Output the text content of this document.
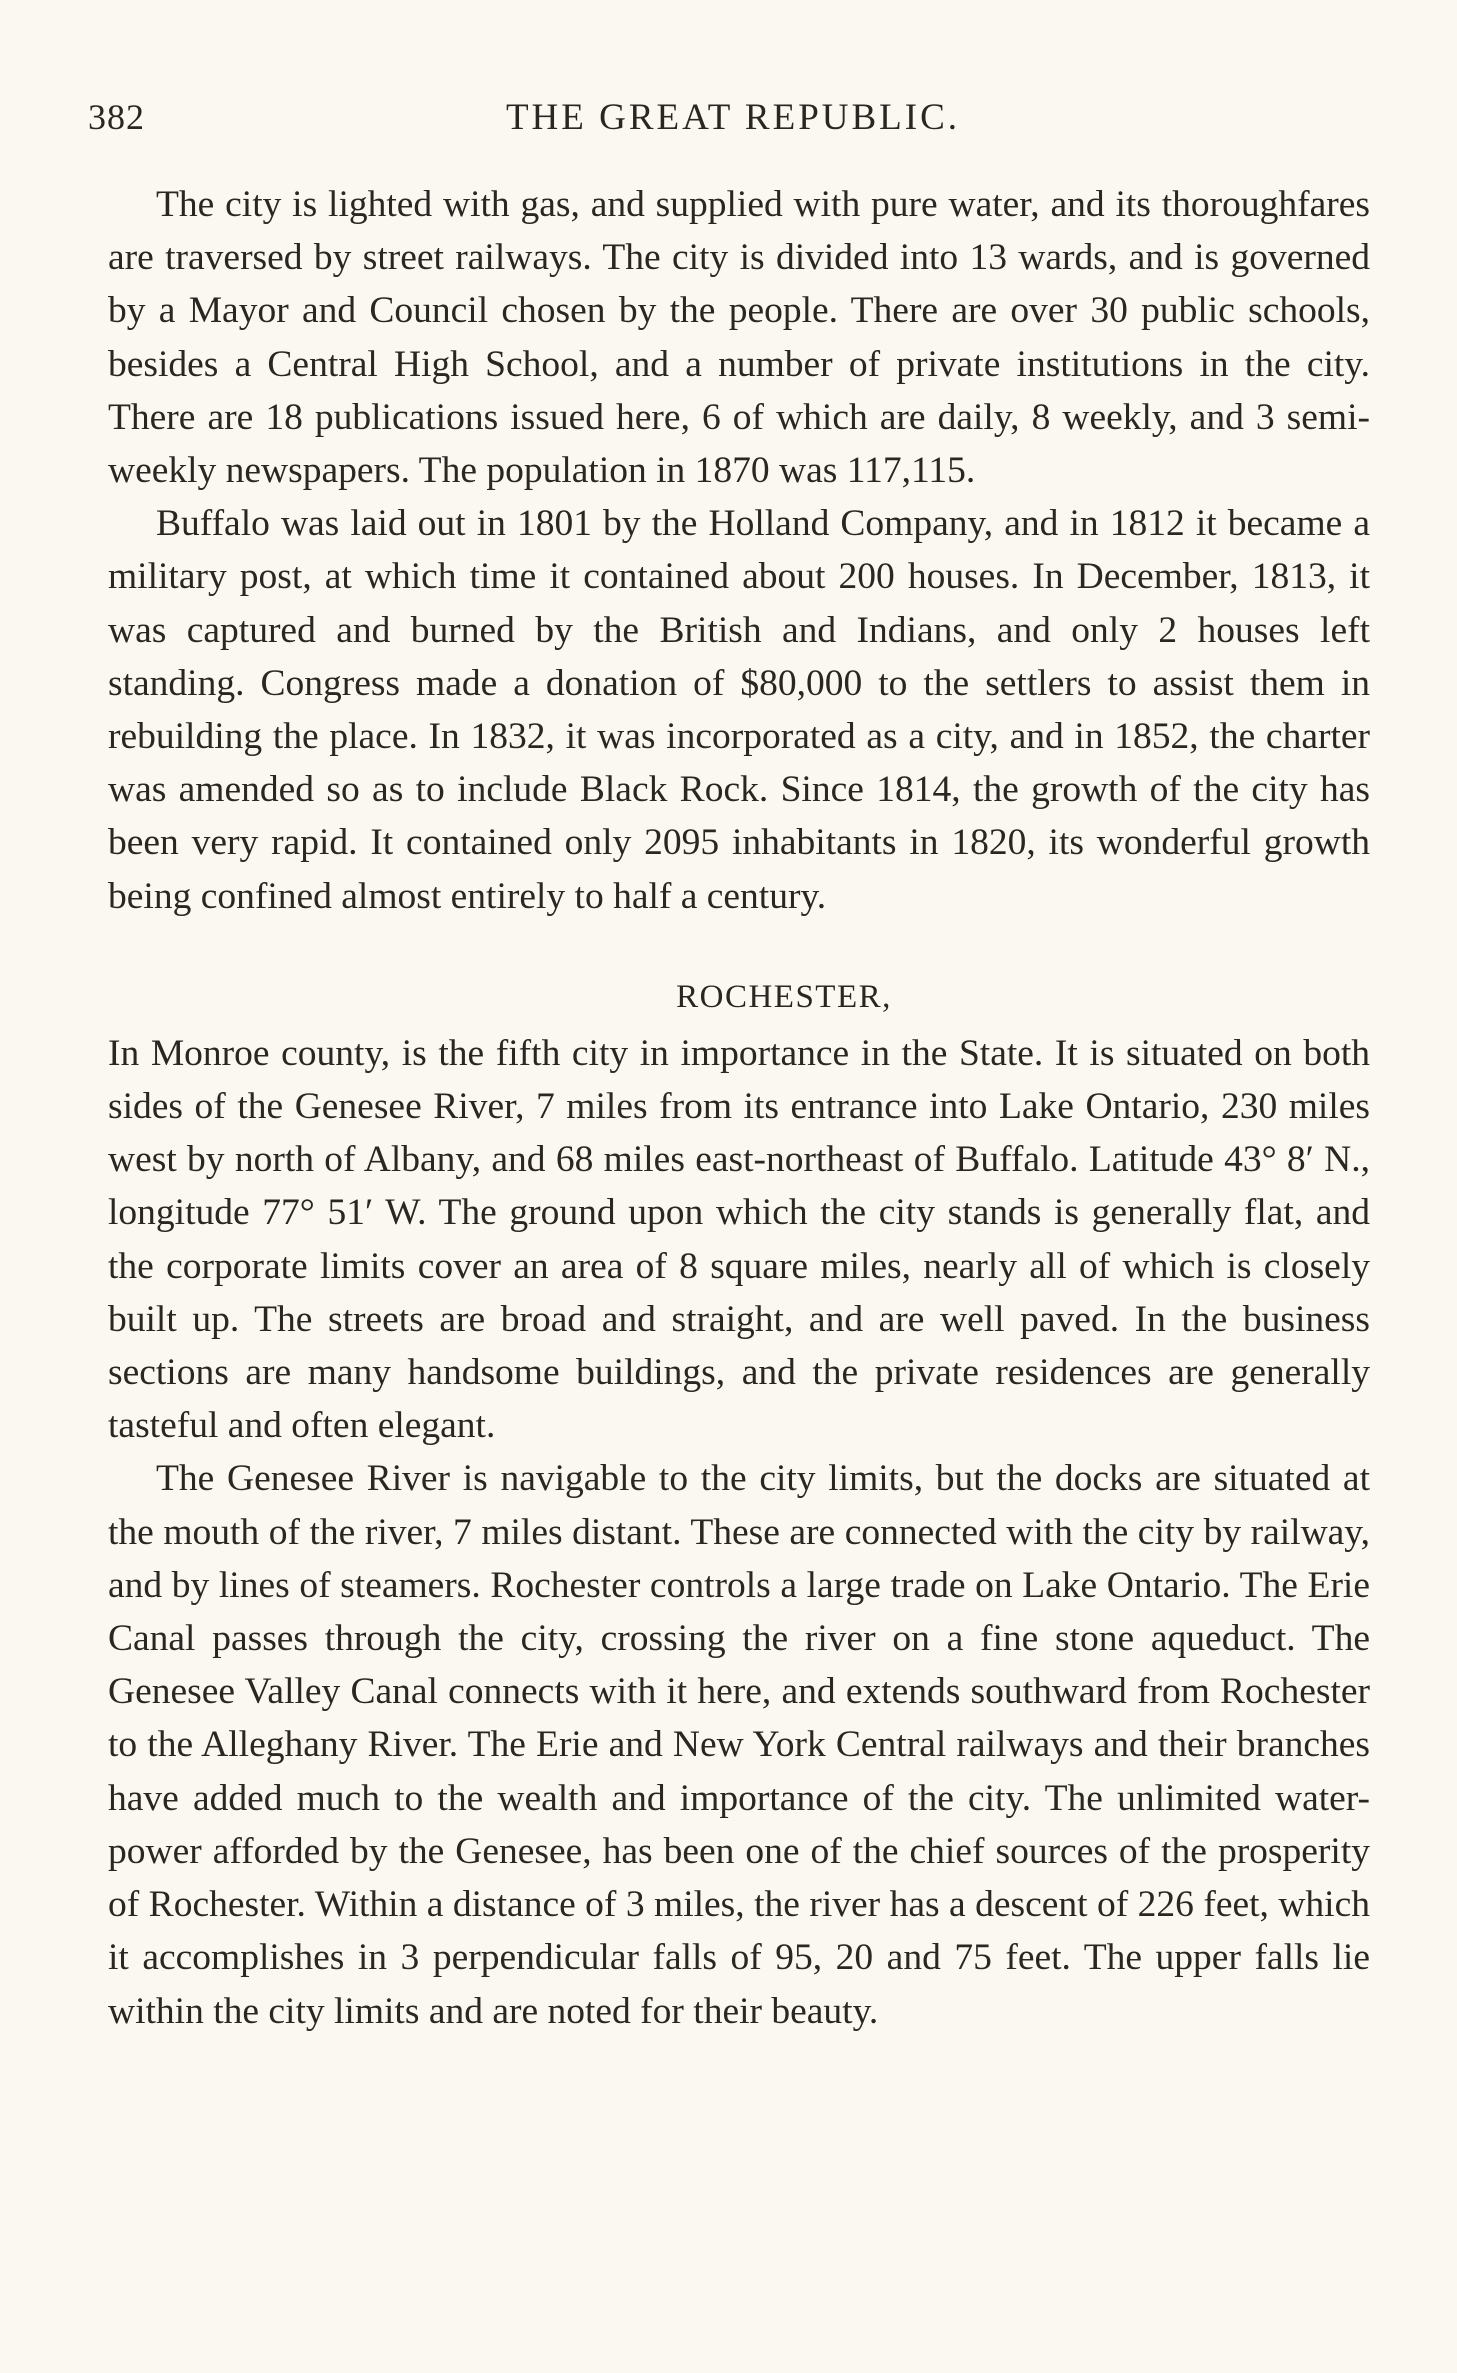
382	THE GREAT REPUBLIC.

The city is lighted with gas, and supplied with pure water, and its thoroughfares are traversed by street railways. The city is divided into 13 wards, and is governed by a Mayor and Council chosen by the people. There are over 30 public schools, besides a Central High School, and a number of private institutions in the city. There are 18 publications issued here, 6 of which are daily, 8 weekly, and 3 semi-weekly newspapers. The population in 1870 was 117,115.

Buffalo was laid out in 1801 by the Holland Company, and in 1812 it became a military post, at which time it contained about 200 houses. In December, 1813, it was captured and burned by the British and Indians, and only 2 houses left standing. Congress made a donation of $80,000 to the settlers to assist them in rebuilding the place. In 1832, it was incorporated as a city, and in 1852, the charter was amended so as to include Black Rock. Since 1814, the growth of the city has been very rapid. It contained only 2095 inhabitants in 1820, its wonderful growth being confined almost entirely to half a century.

ROCHESTER,

In Monroe county, is the fifth city in importance in the State. It is situated on both sides of the Genesee River, 7 miles from its entrance into Lake Ontario, 230 miles west by north of Albany, and 68 miles east-northeast of Buffalo. Latitude 43° 8′ N., longitude 77° 51′ W. The ground upon which the city stands is generally flat, and the corporate limits cover an area of 8 square miles, nearly all of which is closely built up. The streets are broad and straight, and are well paved. In the business sections are many handsome buildings, and the private residences are generally tasteful and often elegant.

The Genesee River is navigable to the city limits, but the docks are situated at the mouth of the river, 7 miles distant. These are connected with the city by railway, and by lines of steamers. Rochester controls a large trade on Lake Ontario. The Erie Canal passes through the city, crossing the river on a fine stone aqueduct. The Genesee Valley Canal connects with it here, and extends southward from Rochester to the Alleghany River. The Erie and New York Central railways and their branches have added much to the wealth and importance of the city. The unlimited water-power afforded by the Genesee, has been one of the chief sources of the prosperity of Rochester. Within a distance of 3 miles, the river has a descent of 226 feet, which it accomplishes in 3 perpendicular falls of 95, 20 and 75 feet. The upper falls lie within the city limits and are noted for their beauty.
